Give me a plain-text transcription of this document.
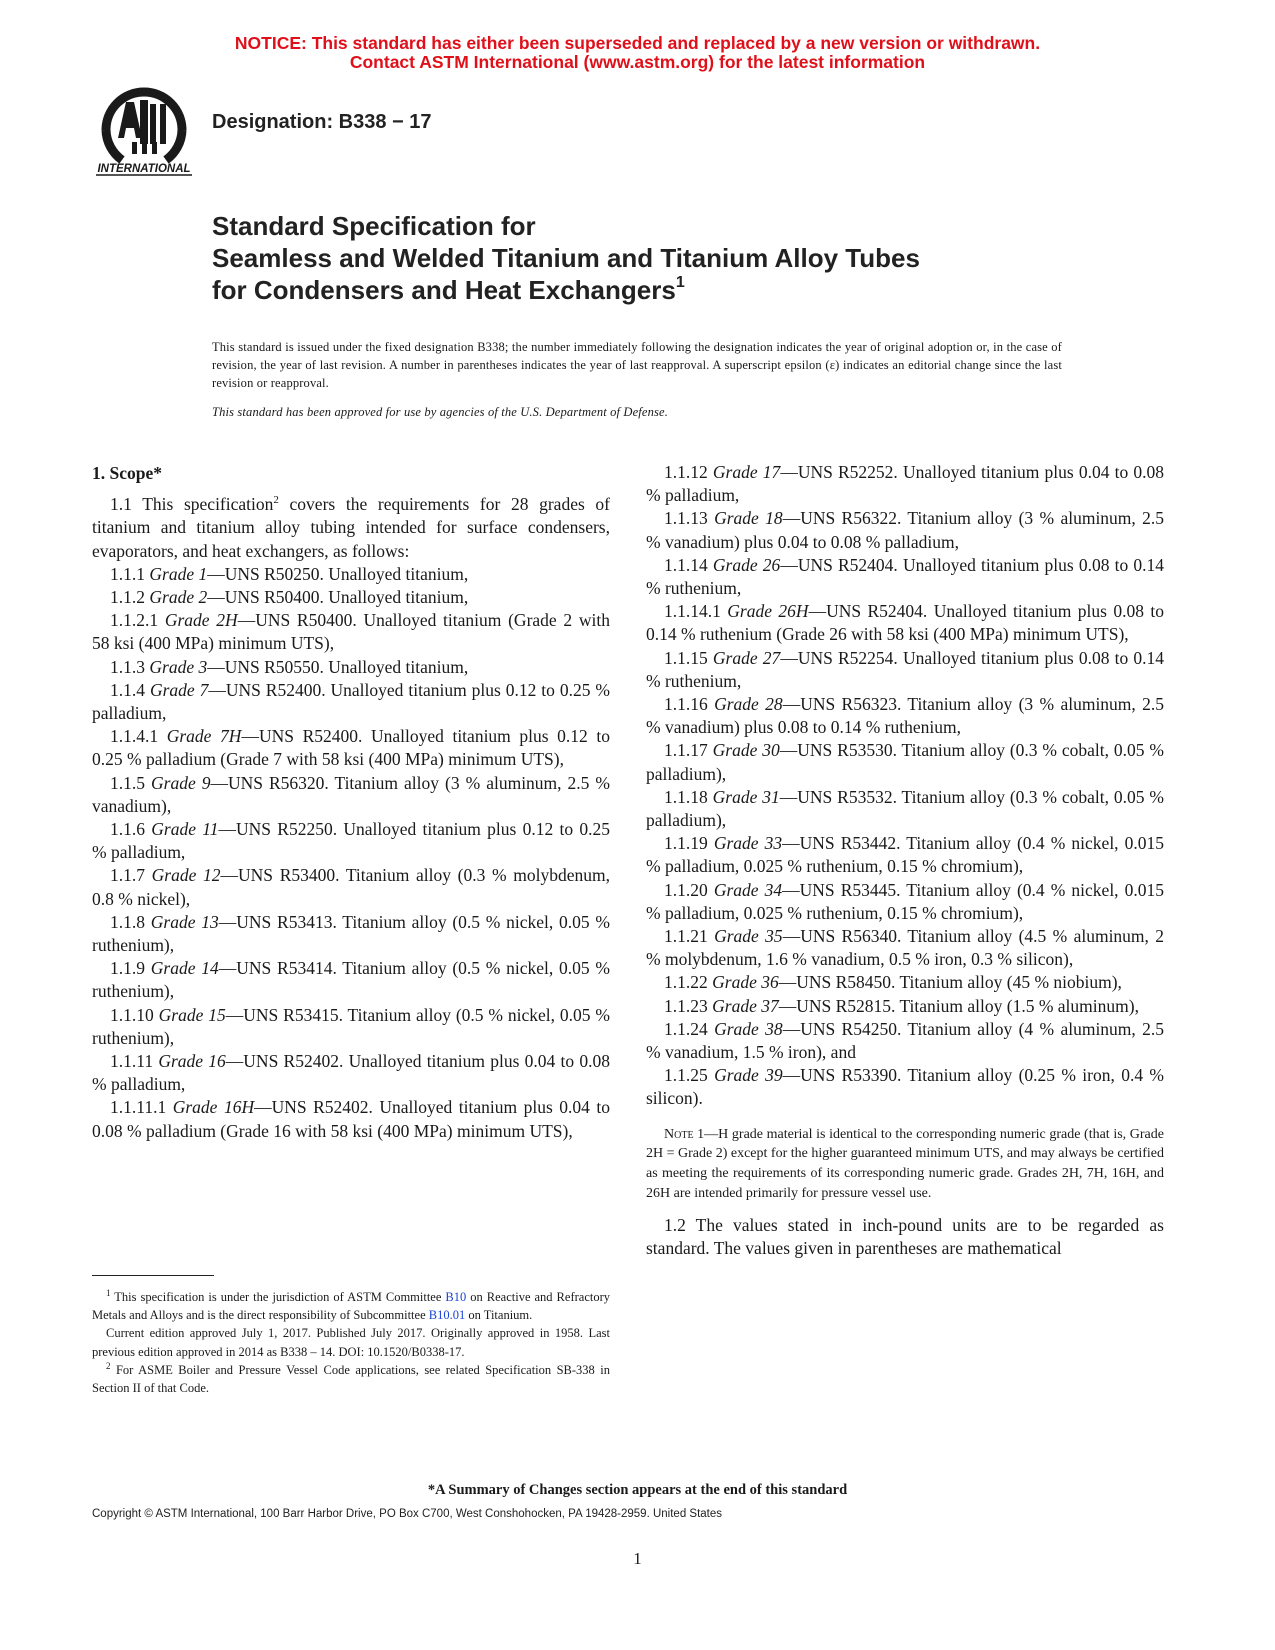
NOTICE: This standard has either been superseded and replaced by a new version or withdrawn.
Contact ASTM International (www.astm.org) for the latest information
INTERNATIONAL
Designation: B338 − 17
Standard Specification for
Seamless and Welded Titanium and Titanium Alloy Tubes
for Condensers and Heat Exchangers$^1$

This standard is issued under the fixed designation B338; the number immediately following the designation indicates the year of original adoption or, in the case of revision, the year of last revision. A number in parentheses indicates the year of last reapproval. A superscript epsilon (ε) indicates an editorial change since the last revision or reapproval.

This standard has been approved for use by agencies of the U.S. Department of Defense.

1. Scope*

1.1 This specification$^2$ covers the requirements for 28 grades of titanium and titanium alloy tubing intended for surface condensers, evaporators, and heat exchangers, as follows:

1.1.1 Grade 1—UNS R50250. Unalloyed titanium,

1.1.2 Grade 2—UNS R50400. Unalloyed titanium,

1.1.2.1 Grade 2H—UNS R50400. Unalloyed titanium (Grade 2 with 58 ksi (400 MPa) minimum UTS),

1.1.3 Grade 3—UNS R50550. Unalloyed titanium,

1.1.4 Grade 7—UNS R52400. Unalloyed titanium plus 0.12 to 0.25 % palladium,

1.1.4.1 Grade 7H—UNS R52400. Unalloyed titanium plus 0.12 to 0.25 % palladium (Grade 7 with 58 ksi (400 MPa) minimum UTS),

1.1.5 Grade 9—UNS R56320. Titanium alloy (3 % aluminum, 2.5 % vanadium),

1.1.6 Grade 11—UNS R52250. Unalloyed titanium plus 0.12 to 0.25 % palladium,

1.1.7 Grade 12—UNS R53400. Titanium alloy (0.3 % molybdenum, 0.8 % nickel),

1.1.8 Grade 13—UNS R53413. Titanium alloy (0.5 % nickel, 0.05 % ruthenium),

1.1.9 Grade 14—UNS R53414. Titanium alloy (0.5 % nickel, 0.05 % ruthenium),

1.1.10 Grade 15—UNS R53415. Titanium alloy (0.5 % nickel, 0.05 % ruthenium),

1.1.11 Grade 16—UNS R52402. Unalloyed titanium plus 0.04 to 0.08 % palladium,

1.1.11.1 Grade 16H—UNS R52402. Unalloyed titanium plus 0.04 to 0.08 % palladium (Grade 16 with 58 ksi (400 MPa) minimum UTS),

1.1.12 Grade 17—UNS R52252. Unalloyed titanium plus 0.04 to 0.08 % palladium,

1.1.13 Grade 18—UNS R56322. Titanium alloy (3 % aluminum, 2.5 % vanadium) plus 0.04 to 0.08 % palladium,

1.1.14 Grade 26—UNS R52404. Unalloyed titanium plus 0.08 to 0.14 % ruthenium,

1.1.14.1 Grade 26H—UNS R52404. Unalloyed titanium plus 0.08 to 0.14 % ruthenium (Grade 26 with 58 ksi (400 MPa) minimum UTS),

1.1.15 Grade 27—UNS R52254. Unalloyed titanium plus 0.08 to 0.14 % ruthenium,

1.1.16 Grade 28—UNS R56323. Titanium alloy (3 % aluminum, 2.5 % vanadium) plus 0.08 to 0.14 % ruthenium,

1.1.17 Grade 30—UNS R53530. Titanium alloy (0.3 % cobalt, 0.05 % palladium),

1.1.18 Grade 31—UNS R53532. Titanium alloy (0.3 % cobalt, 0.05 % palladium),

1.1.19 Grade 33—UNS R53442. Titanium alloy (0.4 % nickel, 0.015 % palladium, 0.025 % ruthenium, 0.15 % chromium),

1.1.20 Grade 34—UNS R53445. Titanium alloy (0.4 % nickel, 0.015 % palladium, 0.025 % ruthenium, 0.15 % chromium),

1.1.21 Grade 35—UNS R56340. Titanium alloy (4.5 % aluminum, 2 % molybdenum, 1.6 % vanadium, 0.5 % iron, 0.3 % silicon),

1.1.22 Grade 36—UNS R58450. Titanium alloy (45 % niobium),

1.1.23 Grade 37—UNS R52815. Titanium alloy (1.5 % aluminum),

1.1.24 Grade 38—UNS R54250. Titanium alloy (4 % aluminum, 2.5 % vanadium, 1.5 % iron), and

1.1.25 Grade 39—UNS R53390. Titanium alloy (0.25 % iron, 0.4 % silicon).

Note 1—H grade material is identical to the corresponding numeric grade (that is, Grade 2H = Grade 2) except for the higher guaranteed minimum UTS, and may always be certified as meeting the requirements of its corresponding numeric grade. Grades 2H, 7H, 16H, and 26H are intended primarily for pressure vessel use.

1.2 The values stated in inch-pound units are to be regarded as standard. The values given in parentheses are mathematical

$^1$ This specification is under the jurisdiction of ASTM Committee B10 on Reactive and Refractory Metals and Alloys and is the direct responsibility of Subcommittee B10.01 on Titanium.

Current edition approved July 1, 2017. Published July 2017. Originally approved in 1958. Last previous edition approved in 2014 as B338 – 14. DOI: 10.1520/B0338-17.

$^2$ For ASME Boiler and Pressure Vessel Code applications, see related Specification SB-338 in Section II of that Code.

*A Summary of Changes section appears at the end of this standard
Copyright © ASTM International, 100 Barr Harbor Drive, PO Box C700, West Conshohocken, PA 19428-2959. United States
1
